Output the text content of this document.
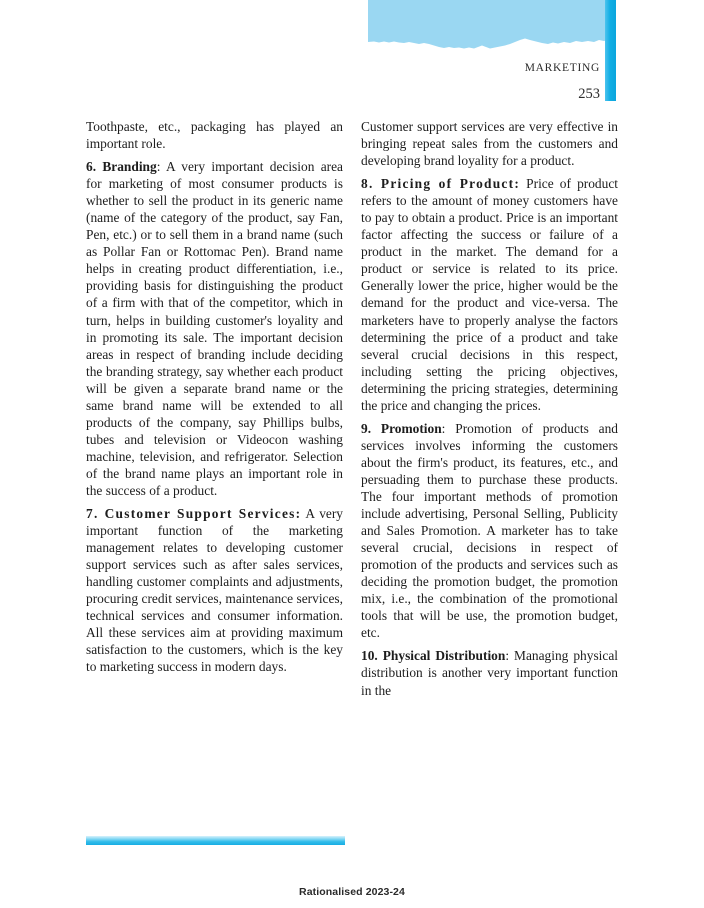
MARKETING
253

Toothpaste, etc., packaging has played an important role.

6. Branding: A very important decision area for marketing of most consumer products is whether to sell the product in its generic name (name of the category of the product, say Fan, Pen, etc.) or to sell them in a brand name (such as Pollar Fan or Rottomac Pen). Brand name helps in creating product differentiation, i.e., providing basis for distinguishing the product of a firm with that of the competitor, which in turn, helps in building customer's loyality and in promoting its sale. The important decision areas in respect of branding include deciding the branding strategy, say whether each product will be given a separate brand name or the same brand name will be extended to all products of the company, say Phillips bulbs, tubes and television or Videocon washing machine, television, and refrigerator. Selection of the brand name plays an important role in the success of a product.

7. Customer Support Services: A very important function of the marketing management relates to developing customer support services such as after sales services, handling customer complaints and adjustments, procuring credit services, maintenance services, technical services and consumer information. All these services aim at providing maximum satisfaction to the customers, which is the key to marketing success in modern days.

Customer support services are very effective in bringing repeat sales from the customers and developing brand loyality for a product.

8. Pricing of Product: Price of product refers to the amount of money customers have to pay to obtain a product. Price is an important factor affecting the success or failure of a product in the market. The demand for a product or service is related to its price. Generally lower the price, higher would be the demand for the product and vice-versa. The marketers have to properly analyse the factors determining the price of a product and take several crucial decisions in this respect, including setting the pricing objectives, determining the pricing strategies, determining the price and changing the prices.

9. Promotion: Promotion of products and services involves informing the customers about the firm's product, its features, etc., and persuading them to purchase these products. The four important methods of promotion include advertising, Personal Selling, Publicity and Sales Promotion. A marketer has to take several crucial, decisions in respect of promotion of the products and services such as deciding the promotion budget, the promotion mix, i.e., the combination of the promotional tools that will be use, the promotion budget, etc.

10. Physical Distribution: Managing physical distribution is another very important function in the

Rationalised 2023-24
